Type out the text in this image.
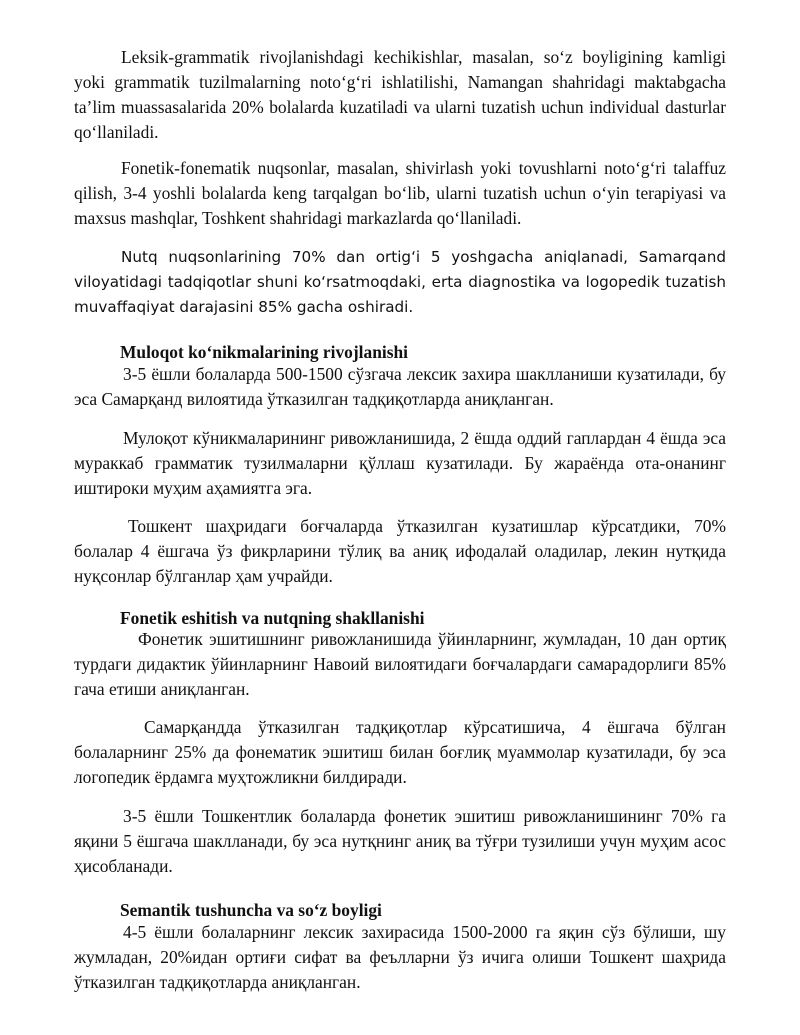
Leksik-grammatik rivojlanishdagi kechikishlar, masalan, so‘z boyligining kamligi yoki grammatik tuzilmalarning noto‘g‘ri ishlatilishi, Namangan shahridagi maktabgacha ta’lim muassasalarida 20% bolalarda kuzatiladi va ularni tuzatish uchun individual dasturlar qo‘llaniladi.

Fonetik-fonematik nuqsonlar, masalan, shivirlash yoki tovushlarni noto‘g‘ri talaffuz qilish, 3-4 yoshli bolalarda keng tarqalgan bo‘lib, ularni tuzatish uchun o‘yin terapiyasi va maxsus mashqlar, Toshkent shahridagi markazlarda qo‘llaniladi.

Nutq nuqsonlarining 70% dan ortig‘i 5 yoshgacha aniqlanadi, Samarqand viloyatidagi tadqiqotlar shuni ko‘rsatmoqdaki, erta diagnostika va logopedik tuzatish muvaffaqiyat darajasini 85% gacha oshiradi.

Muloqot ko‘nikmalarining rivojlanishi

3-5 ёшли болаларда 500-1500 сўзгача лексик захира шаклланиши кузатилади, бу эса Самарқанд вилоятида ўтказилган тадқиқотларда аниқланган.

Мулоқот кўникмаларининг ривожланишида, 2 ёшда оддий гаплардан 4 ёшда эса мураккаб грамматик тузилмаларни қўллаш кузатилади. Бу жараёнда ота-онанинг иштироки муҳим аҳамиятга эга.

Тошкент шаҳридаги боғчаларда ўтказилган кузатишлар кўрсатдики, 70% болалар 4 ёшгача ўз фикрларини тўлиқ ва аниқ ифодалай оладилар, лекин нутқида нуқсонлар бўлганлар ҳам учрайди.

Fonetik eshitish va nutqning shakllanishi

Фонетик эшитишнинг ривожланишида ўйинларнинг, жумладан, 10 дан ортиқ турдаги дидактик ўйинларнинг Навоий вилоятидаги боғчалардаги самарадорлиги 85% гача етиши аниқланган.

Самарқандда ўтказилган тадқиқотлар кўрсатишича, 4 ёшгача бўлган болаларнинг 25% да фонематик эшитиш билан боғлиқ муаммолар кузатилади, бу эса логопедик ёрдамга муҳтожликни билдиради.

3-5 ёшли Тошкентлик болаларда фонетик эшитиш ривожланишининг 70% га яқини 5 ёшгача шаклланади, бу эса нутқнинг аниқ ва тўғри тузилиши учун муҳим асос ҳисобланади.

Semantik tushuncha va so‘z boyligi

4-5 ёшли болаларнинг лексик захирасида 1500-2000 га яқин сўз бўлиши, шу жумладан, 20%идан ортиғи сифат ва феълларни ўз ичига олиши Тошкент шаҳрида ўтказилган тадқиқотларда аниқланган.
